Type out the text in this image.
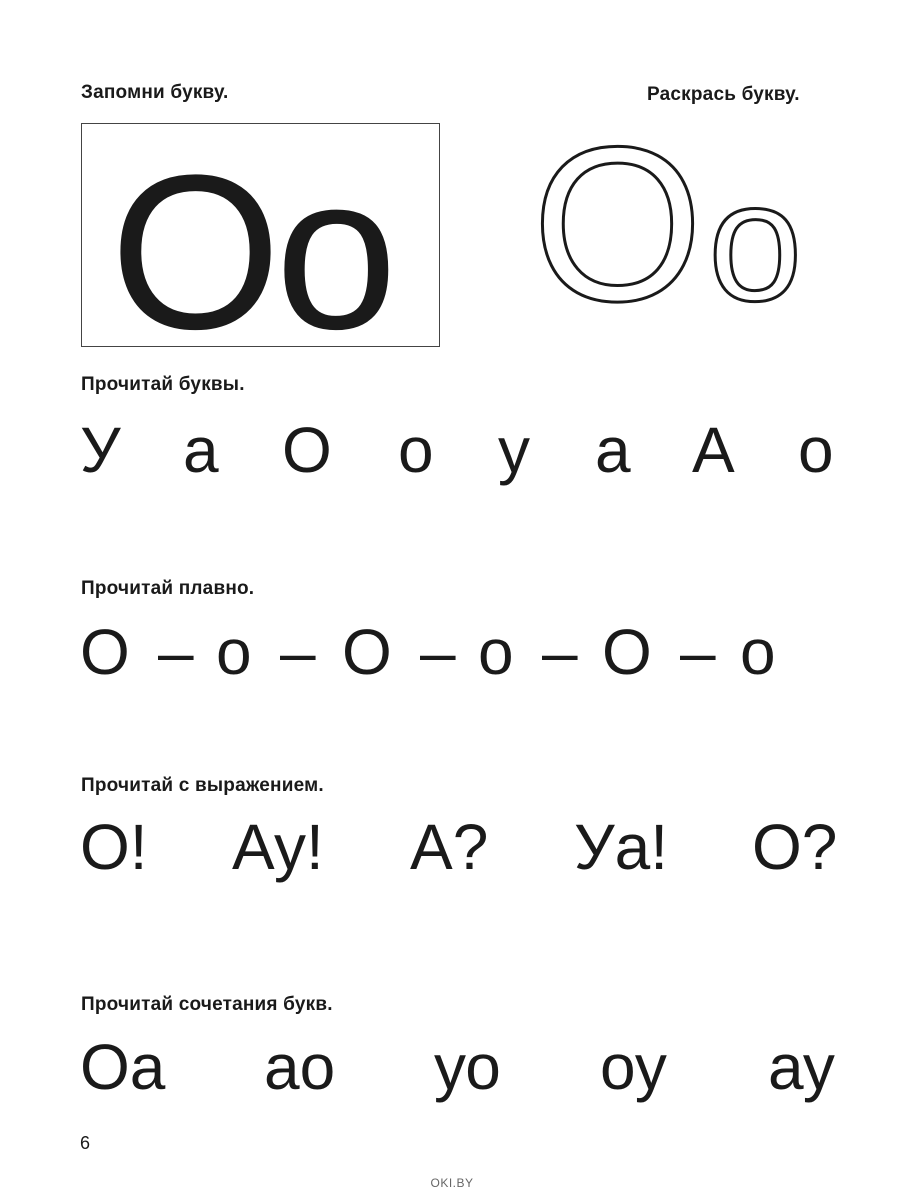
Запомни букву.	Раскрась букву.
Оо О о
Прочитай буквы.
У а О о у а А о
Прочитай плавно.
О – о – О – о – О – о
Прочитай с выражением.
О! Ау! А? Уа! О?
Прочитай сочетания букв.
Оа ао уо оу ау
6
OKI.BY
